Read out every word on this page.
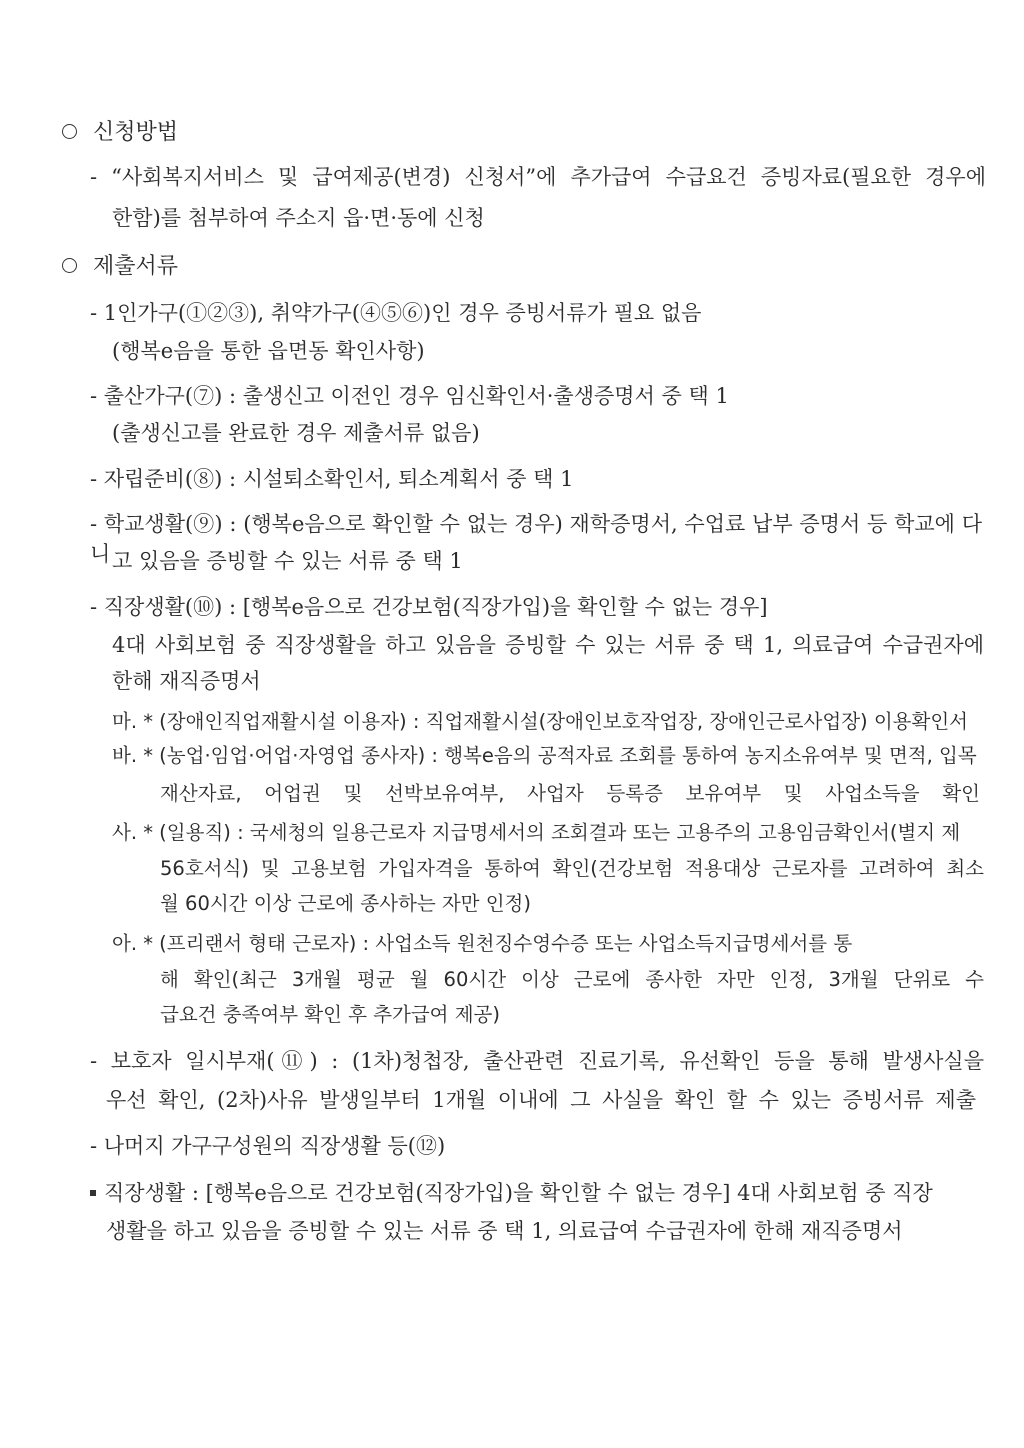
신청방법
- “사회복지서비스 및 급여제공(변경) 신청서”에 추가급여 수급요건 증빙자료(필요한 경우에
한함)를 첨부하여 주소지 읍·면·동에 신청
제출서류
- 1인가구(①②③), 취약가구(④⑤⑥)인 경우 증빙서류가 필요 없음
(행복e음을 통한 읍면동 확인사항)
- 출산가구(⑦) : 출생신고 이전인 경우 임신확인서·출생증명서 중 택 1
(출생신고를 완료한 경우 제출서류 없음)
- 자립준비(⑧) : 시설퇴소확인서, 퇴소계획서 중 택 1
- 학교생활(⑨) : (행복e음으로 확인할 수 없는 경우) 재학증명서, 수업료 납부 증명서 등 학교에 다니 고 있음을 증빙할 수 있는 서류 중 택 1
- 직장생활(⑩) : [행복e음으로 건강보험(직장가입)을 확인할 수 없는 경우]
4대 사회보험 중 직장생활을 하고 있음을 증빙할 수 있는 서류 중 택 1, 의료급여 수급권자에
한해 재직증명서
마. * (장애인직업재활시설 이용자) : 직업재활시설(장애인보호작업장, 장애인근로사업장) 이용확인서
바. * (농업·임업·어업·자영업 종사자) : 행복e음의 공적자료 조회를 통하여 농지소유여부 및 면적, 입목
재산자료, 어업권 및 선박보유여부, 사업자 등록증 보유여부 및 사업소득을 확인
사. * (일용직) : 국세청의 일용근로자 지급명세서의 조회결과 또는 고용주의 고용임금확인서(별지 제
56호서식) 및 고용보험 가입자격을 통하여 확인(건강보험 적용대상 근로자를 고려하여 최소
월 60시간 이상 근로에 종사하는 자만 인정)
아. * (프리랜서 형태 근로자) : 사업소득 원천징수영수증 또는 사업소득지급명세서를 통
해 확인(최근 3개월 평균 월 60시간 이상 근로에 종사한 자만 인정, 3개월 단위로 수
급요건 충족여부 확인 후 추가급여 제공)
- 보호자 일시부재(⑪) : (1차)청첩장, 출산관련 진료기록, 유선확인 등을 통해 발생사실을
우선 확인, (2차)사유 발생일부터 1개월 이내에 그 사실을 확인 할 수 있는 증빙서류 제출
- 나머지 가구구성원의 직장생활 등(⑫)
직장생활 : [행복e음으로 건강보험(직장가입)을 확인할 수 없는 경우] 4대 사회보험 중 직장
생활을 하고 있음을 증빙할 수 있는 서류 중 택 1, 의료급여 수급권자에 한해 재직증명서
